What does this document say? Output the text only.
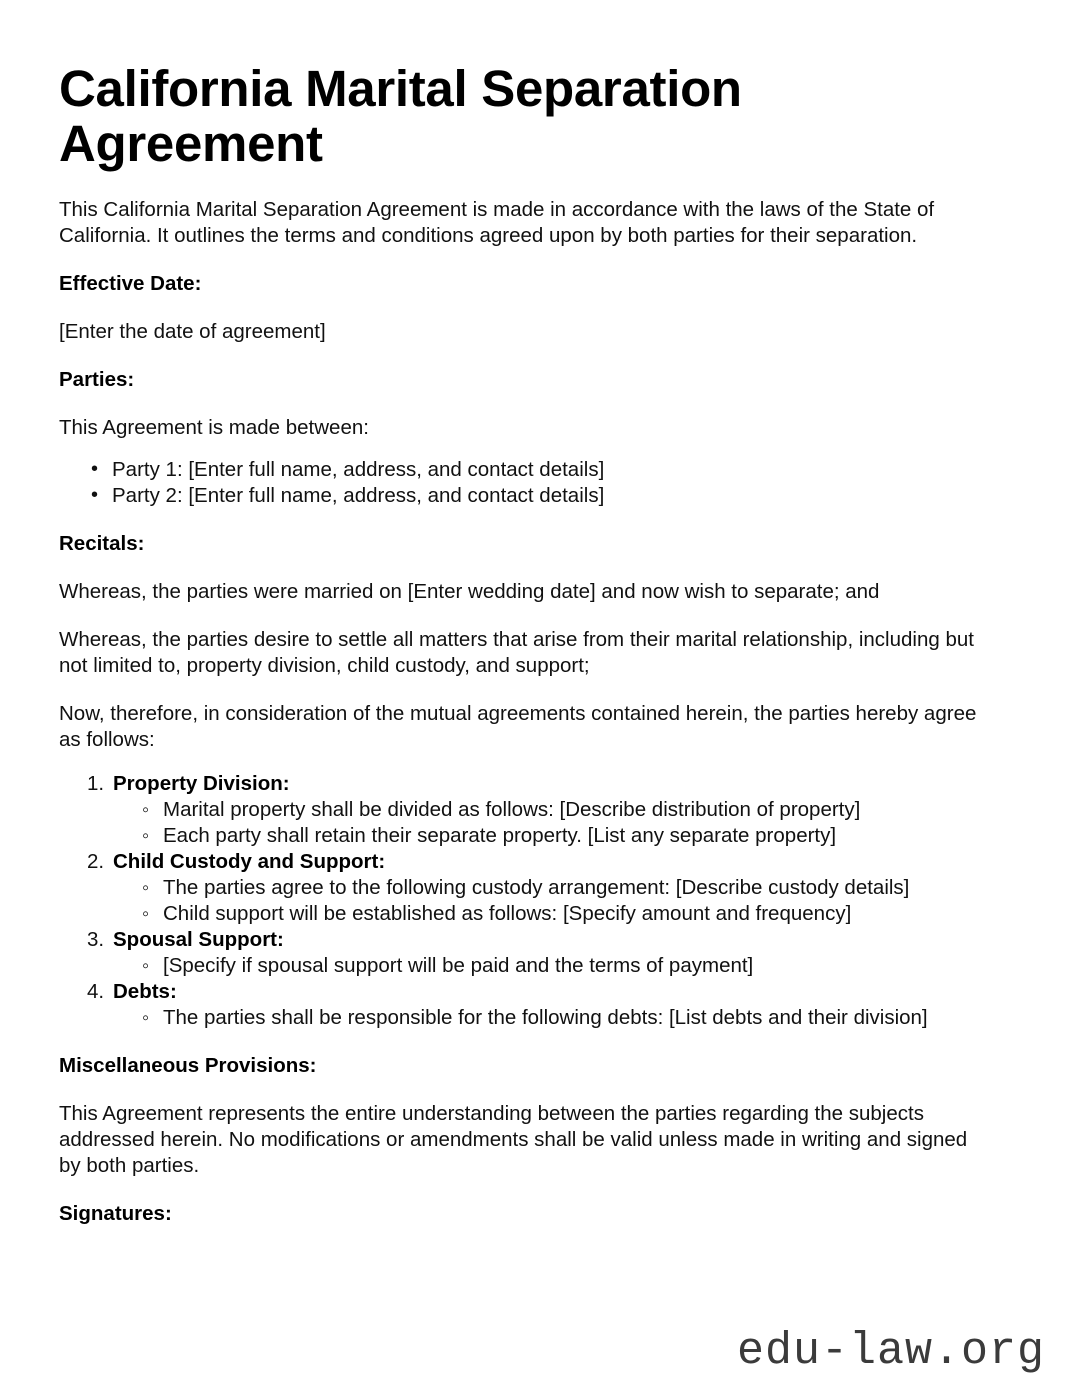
California Marital Separation Agreement

This California Marital Separation Agreement is made in accordance with the laws of the State of California. It outlines the terms and conditions agreed upon by both parties for their separation.

Effective Date:

[Enter the date of agreement]

Parties:

This Agreement is made between:

• Party 1: [Enter full name, address, and contact details]
• Party 2: [Enter full name, address, and contact details]

Recitals:

Whereas, the parties were married on [Enter wedding date] and now wish to separate; and

Whereas, the parties desire to settle all matters that arise from their marital relationship, including but not limited to, property division, child custody, and support;

Now, therefore, in consideration of the mutual agreements contained herein, the parties hereby agree as follows:

Property Division:
◦ Marital property shall be divided as follows: [Describe distribution of property]
◦ Each party shall retain their separate property. [List any separate property]
Child Custody and Support:
◦ The parties agree to the following custody arrangement: [Describe custody details]
◦ Child support will be established as follows: [Specify amount and frequency]
Spousal Support:
◦ [Specify if spousal support will be paid and the terms of payment]
Debts:
◦ The parties shall be responsible for the following debts: [List debts and their division]

Miscellaneous Provisions:

This Agreement represents the entire understanding between the parties regarding the subjects addressed herein. No modifications or amendments shall be valid unless made in writing and signed by both parties.

Signatures:

edu-law.org
